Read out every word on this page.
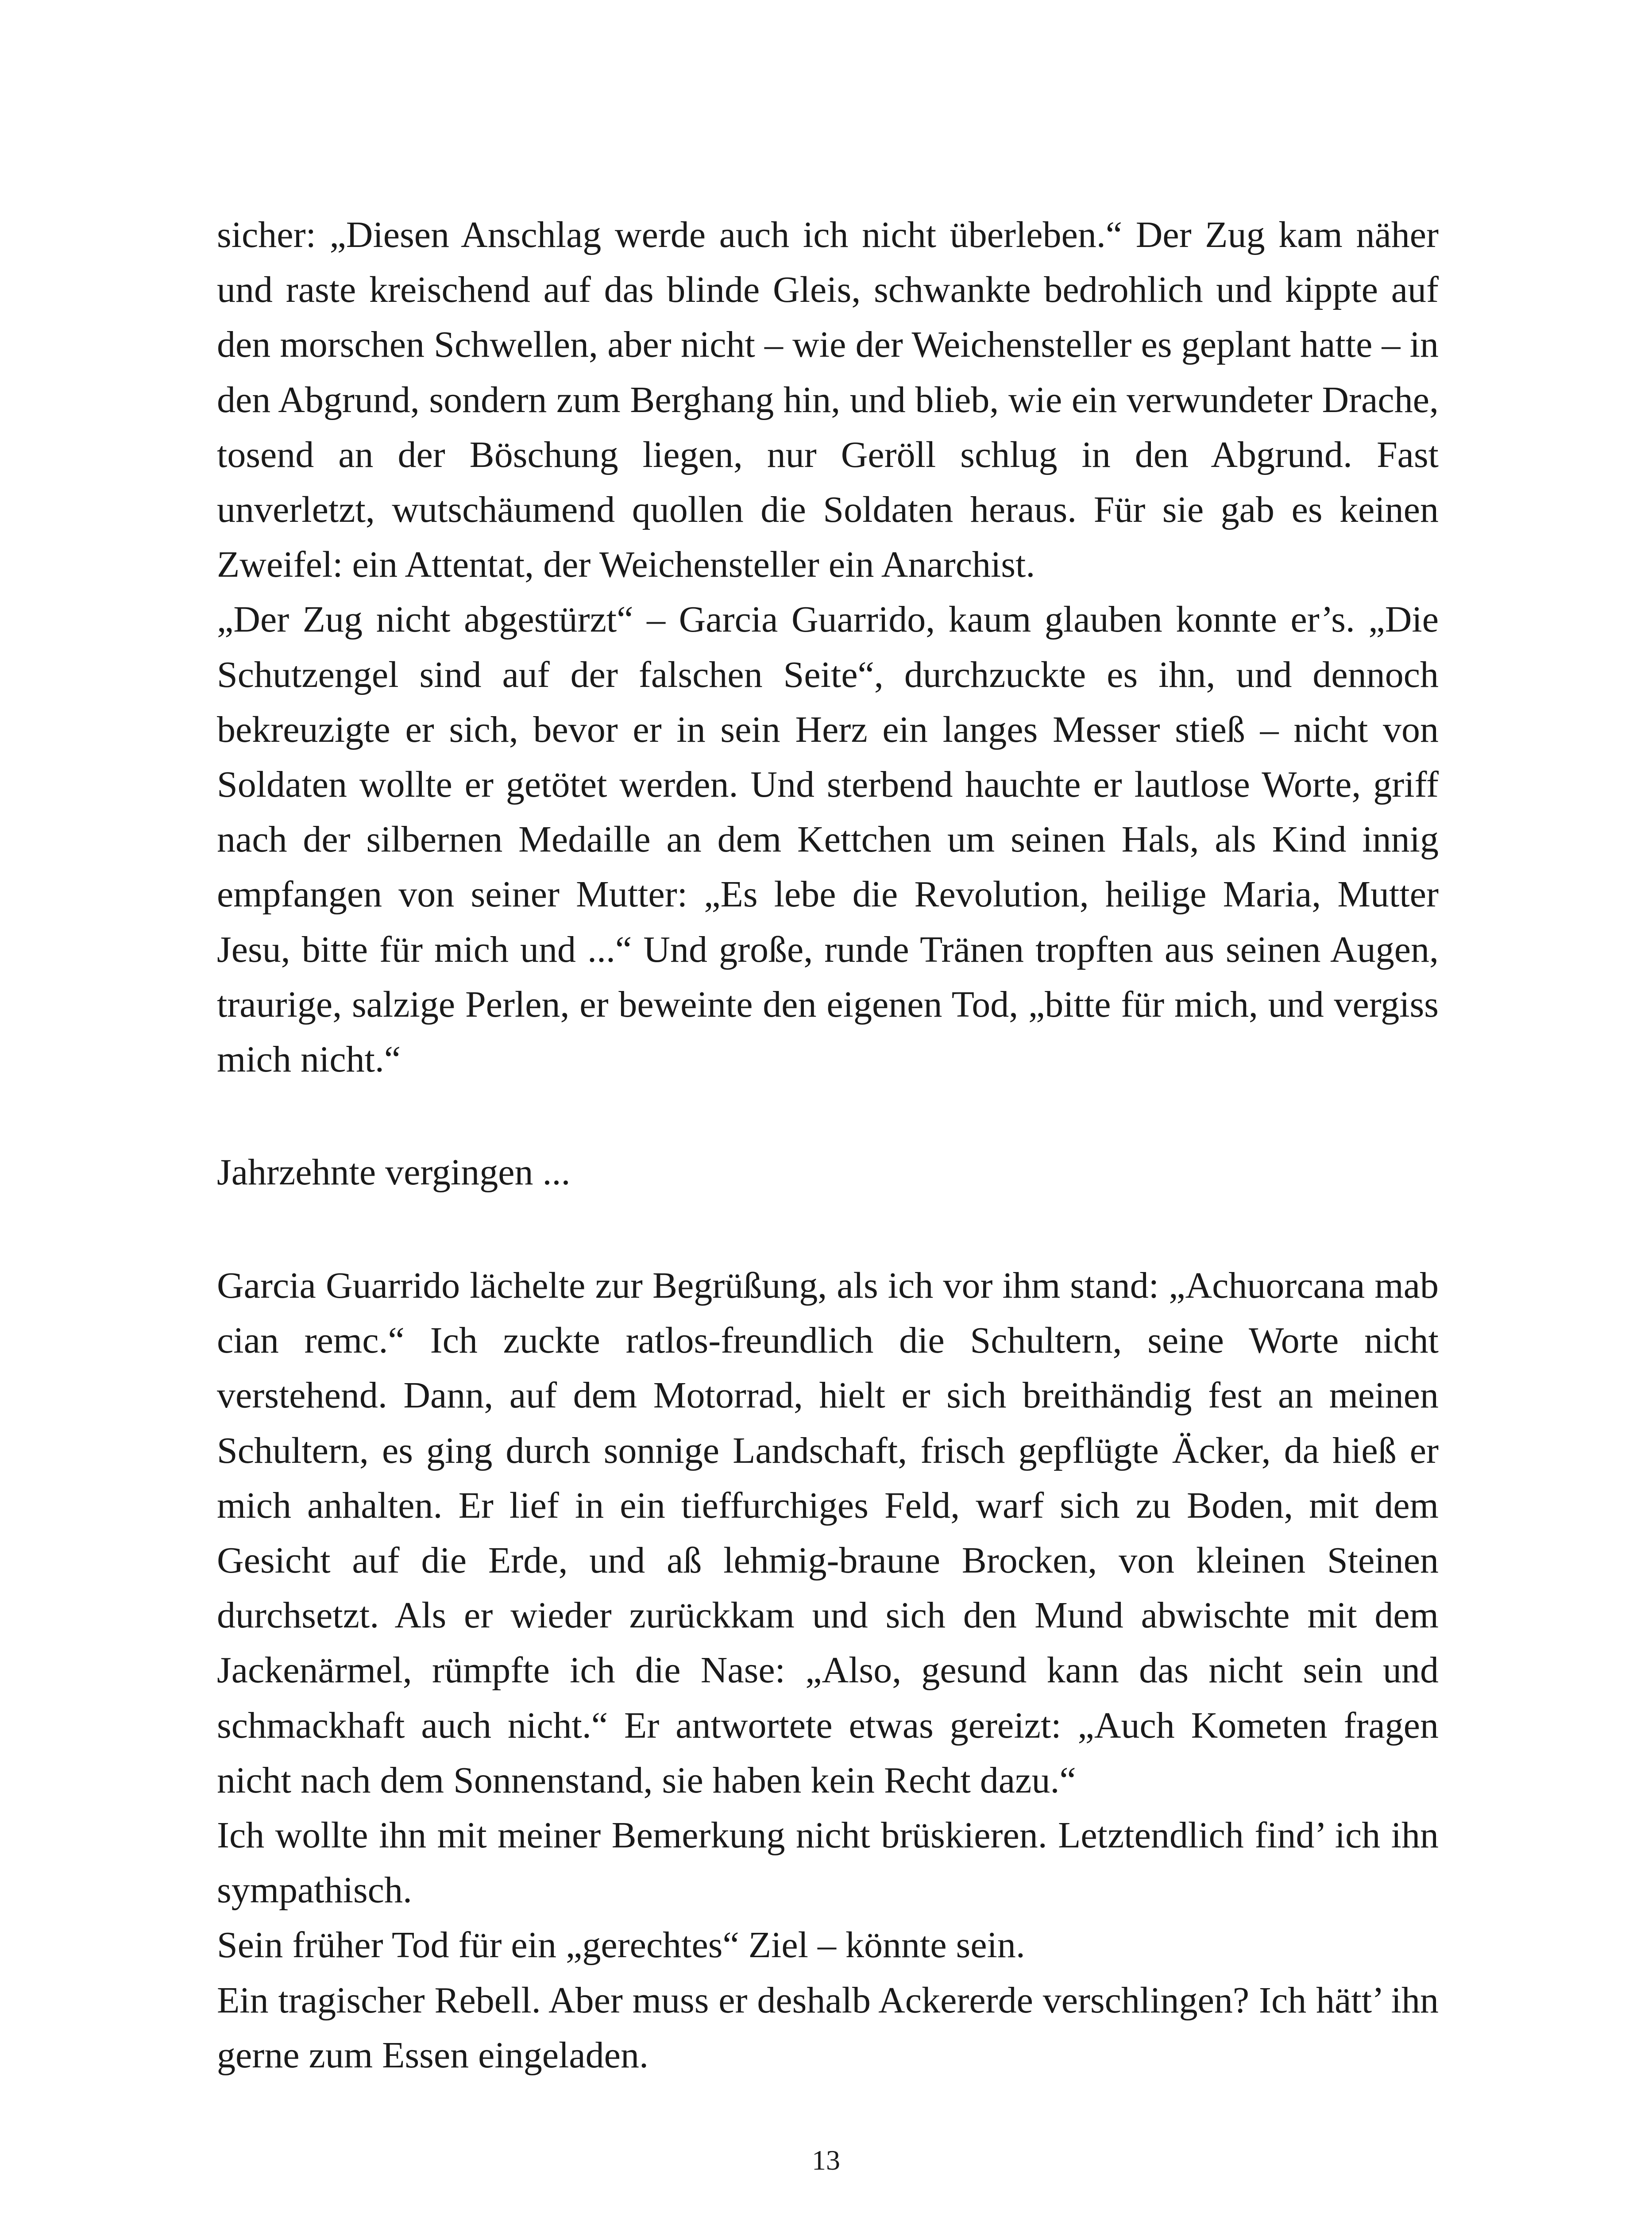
sicher: „Diesen Anschlag werde auch ich nicht überleben.“ Der Zug kam näher und raste kreischend auf das blinde Gleis, schwankte bedrohlich und kippte auf den morschen Schwellen, aber nicht – wie der Weichensteller es geplant hatte – in den Abgrund, sondern zum Berghang hin, und blieb, wie ein verwundeter Drache, tosend an der Böschung liegen, nur Geröll schlug in den Abgrund. Fast unverletzt, wutschäumend quollen die Soldaten heraus. Für sie gab es keinen Zweifel: ein Attentat, der Weichensteller ein Anarchist.

„Der Zug nicht abgestürzt“ – Garcia Guarrido, kaum glauben konnte er’s. „Die Schutzengel sind auf der falschen Seite“, durchzuckte es ihn, und dennoch bekreuzigte er sich, bevor er in sein Herz ein langes Messer stieß – nicht von Soldaten wollte er getötet werden. Und sterbend hauchte er lautlose Worte, griff nach der silbernen Medaille an dem Kettchen um seinen Hals, als Kind innig empfangen von seiner Mutter: „Es lebe die Revolution, heilige Maria, Mutter Jesu, bitte für mich und ...“ Und große, runde Tränen tropften aus seinen Augen, traurige, salzige Perlen, er beweinte den eigenen Tod, „bitte für mich, und vergiss mich nicht.“

Jahrzehnte vergingen ...

Garcia Guarrido lächelte zur Begrüßung, als ich vor ihm stand: „Achuorcana mab cian remc.“ Ich zuckte ratlos-freundlich die Schultern, seine Worte nicht verstehend. Dann, auf dem Motorrad, hielt er sich breithändig fest an meinen Schultern, es ging durch sonnige Landschaft, frisch gepflügte Äcker, da hieß er mich anhalten. Er lief in ein tieffurchiges Feld, warf sich zu Boden, mit dem Gesicht auf die Erde, und aß lehmig-braune Brocken, von kleinen Steinen durchsetzt. Als er wieder zurückkam und sich den Mund abwischte mit dem Jackenärmel, rümpfte ich die Nase: „Also, gesund kann das nicht sein und schmackhaft auch nicht.“ Er antwortete etwas gereizt: „Auch Kometen fragen nicht nach dem Sonnenstand, sie haben kein Recht dazu.“

Ich wollte ihn mit meiner Bemerkung nicht brüskieren. Letztendlich find’ ich ihn sympathisch.

Sein früher Tod für ein „gerechtes“ Ziel – könnte sein.

Ein tragischer Rebell. Aber muss er deshalb Ackererde verschlingen? Ich hätt’ ihn gerne zum Essen eingeladen.

13
